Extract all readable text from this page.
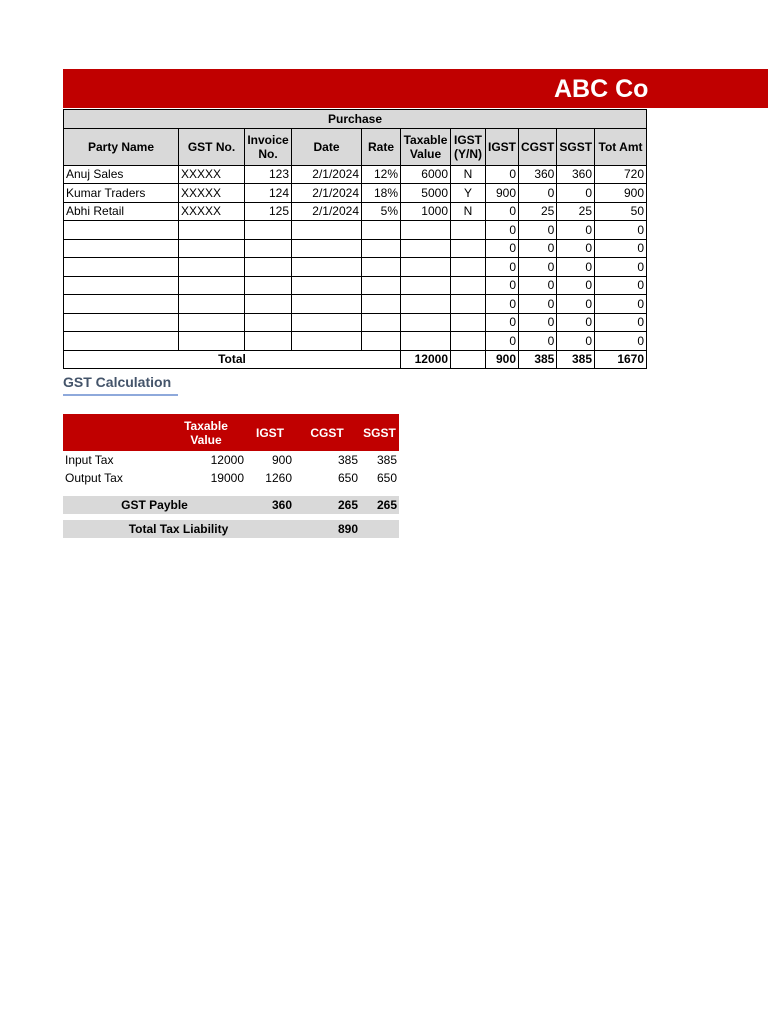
ABC Co
Purchase										
Party Name	GST No.	Invoice No.	Date	Rate	Taxable Value	IGST (Y/N)	IGST	CGST	SGST	Tot Amt
Anuj Sales	XXXXX	123	2/1/2024	12%	6000	N	0	360	360	720
Kumar Traders	XXXXX	124	2/1/2024	18%	5000	Y	900	0	0	900
Abhi Retail	XXXXX	125	2/1/2024	5%	1000	N	0	25	25	50
							0	0	0	0
							0	0	0	0
							0	0	0	0
							0	0	0	0
							0	0	0	0
							0	0	0	0
							0	0	0	0
Total					12000		900	385	385	1670
GST Calculation
	Taxable Value	IGST	CGST	SGST
Input Tax	12000	900	385	385
Output Tax	19000	1260	650	650

GST Payble		360	265	265

Total Tax Liability			890	
